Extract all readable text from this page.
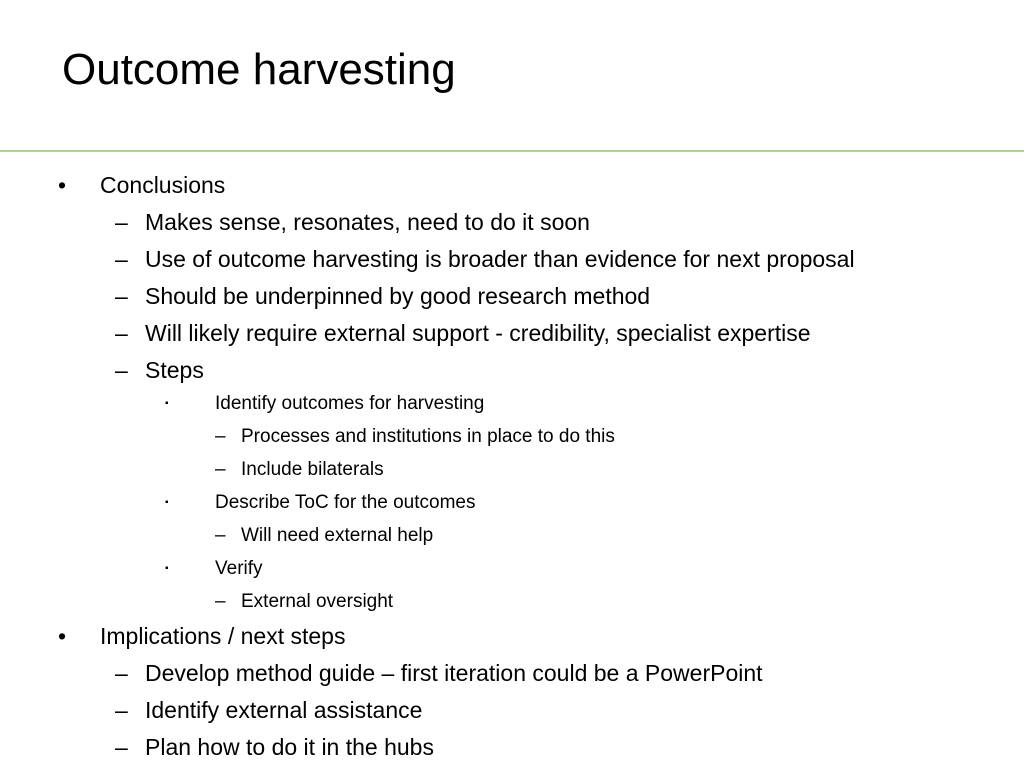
Outcome harvesting
• Conclusions
– Makes sense, resonates, need to do it soon
– Use of outcome harvesting is broader than evidence for next proposal
– Should be underpinned by good research method
– Will likely require external support - credibility, specialist expertise
– Steps
▪ Identify outcomes for harvesting
– Processes and institutions in place to do this
– Include bilaterals
▪ Describe ToC for the outcomes
– Will need external help
▪ Verify
– External oversight
• Implications / next steps
– Develop method guide – first iteration could be a PowerPoint
– Identify external assistance
– Plan how to do it in the hubs
